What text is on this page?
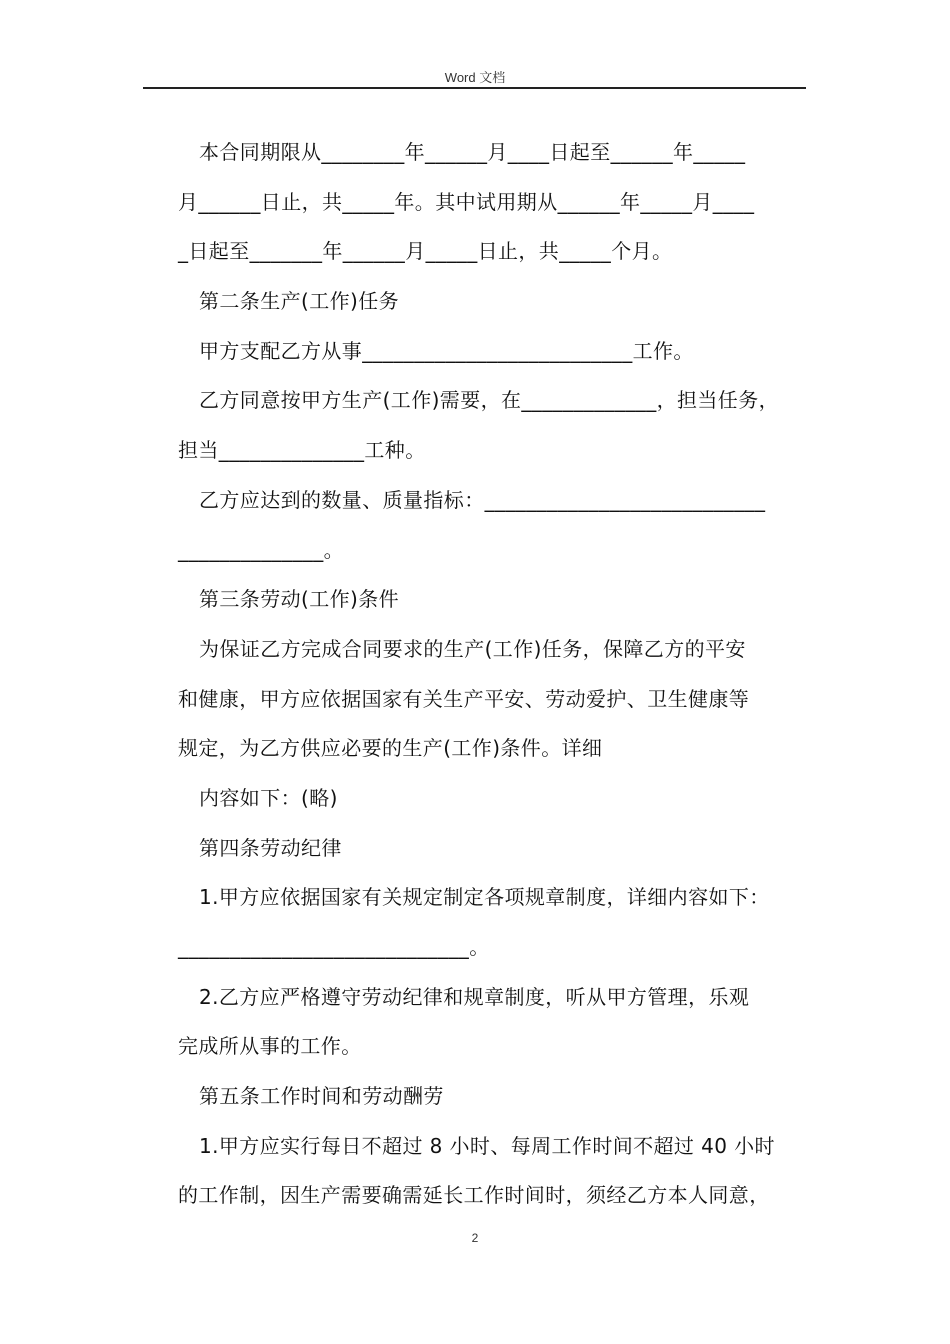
Word 文档
本合同期限从________年______月____日起至______年_____
月______日止，共_____年。其中试用期从______年_____月____
_日起至_______年______月_____日止，共_____个月。
第二条生产(工作)任务
甲方支配乙方从事__________________________工作。
乙方同意按甲方生产(工作)需要，在_____________，担当任务，
担当______________工种。
乙方应达到的数量、质量指标：___________________________
______________。
第三条劳动(工作)条件
为保证乙方完成合同要求的生产(工作)任务，保障乙方的平安
和健康，甲方应依据国家有关生产平安、劳动爱护、卫生健康等
规定，为乙方供应必要的生产(工作)条件。详细
内容如下：(略)
第四条劳动纪律
1.甲方应依据国家有关规定制定各项规章制度，详细内容如下：
____________________________。
2.乙方应严格遵守劳动纪律和规章制度，听从甲方管理，乐观
完成所从事的工作。
第五条工作时间和劳动酬劳
1.甲方应实行每日不超过 8 小时、每周工作时间不超过 40 小时
的工作制，因生产需要确需延长工作时间时，须经乙方本人同意，
2
